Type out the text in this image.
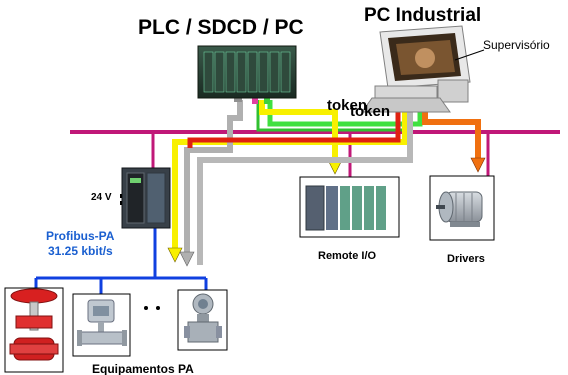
PLC / SDCD / PC
PC Industrial
Supervisório
token
token
24 V
Profibus-PA
31.25 kbit/s	Remote I/O	Drivers
Equipamentos PA
